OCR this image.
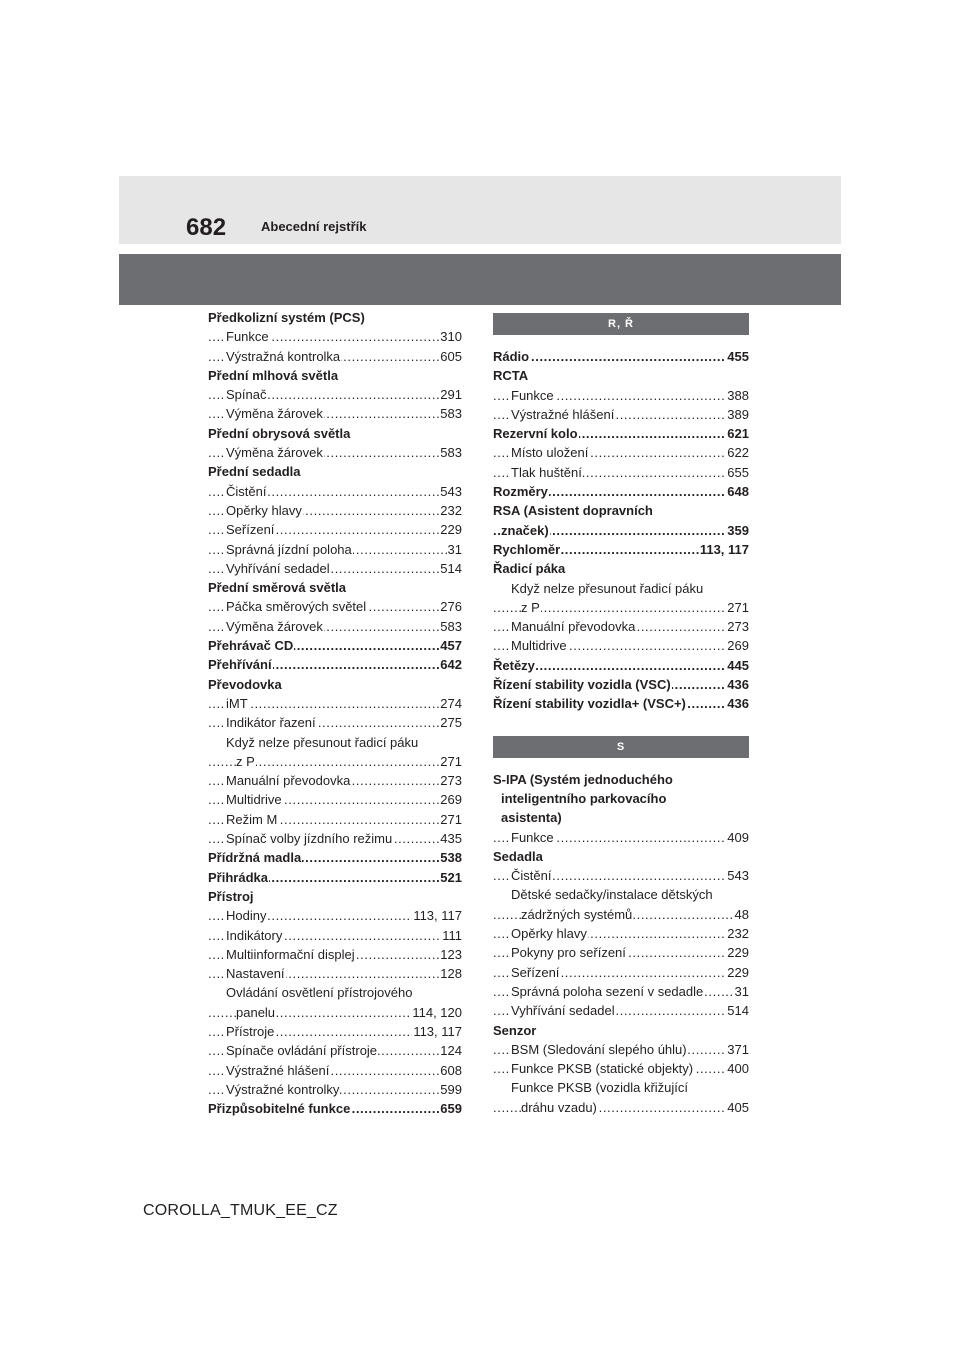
682	Abecední rejstřík
Předkolizní systém (PCS)
. . .
Funkce	310
. . .
Výstražná kontrolka	605
Přední mlhová světla
. . .
Spínač	291
. . .
Výměna žárovek	583
Přední obrysová světla
. . .
Výměna žárovek	583
Přední sedadla
. . .
Čistění	543
. . .
Opěrky hlavy	232
. . .
Seřízení	229
. . .
Správná jízdní poloha	31
. . .
Vyhřívání sedadel	514
Přední směrová světla
. . .
Páčka směrových světel	276
. . .
Výměna žárovek	583
. . .
Přehrávač CD	457
. . .
Přehřívání	642
Převodovka
. . .
iMT	274
. . .
Indikátor řazení	275
Když nelze přesunout řadicí páku
. . .
z P	271
. . .
Manuální převodovka	273
. . .
Multidrive	269
. . .
Režim M	271
. . .
Spínač volby jízdního režimu	435
. . .
Přídržná madla	538
. . .
Přihrádka	521
Přístroj
. . .
Hodiny	113, 117
. . .
Indikátory	111
. . .
Multiinformační displej	123
. . .
Nastavení	128
Ovládání osvětlení přístrojového
. . .
panelu	114, 120
. . .
Přístroje	113, 117
. . .
Spínače ovládání přístroje	124
. . .
Výstražné hlášení	608
. . .
Výstražné kontrolky	599
. . .
Přizpůsobitelné funkce	659
R, Ř
. . .
Rádio	455
RCTA
. . .
Funkce	388
. . .
Výstražné hlášení	389
. . .
Rezervní kolo	621
. . .
Místo uložení	622
. . .
Tlak huštění	655
. . .
Rozměry	648
RSA (Asistent dopravních
. . .
značek)	359
. . .
Rychloměr	113, 117
Řadicí páka
Když nelze přesunout řadicí páku
. . .
z P	271
. . .
Manuální převodovka	273
. . .
Multidrive	269
. . .
Řetězy	445
. . .
Řízení stability vozidla (VSC)	436
. . .
Řízení stability vozidla+ (VSC+)	436
S
S-IPA (Systém jednoduchého
inteligentního parkovacího
asistenta)
. . .
Funkce	409
Sedadla
. . .
Čistění	543
Dětské sedačky/instalace dětských
. . .
zádržných systémů	48
. . .
Opěrky hlavy	232
. . .
Pokyny pro seřízení	229
. . .
Seřízení	229
. . .
Správná poloha sezení v sedadle 31
. . .
Vyhřívání sedadel	514
Senzor
. . .
BSM (Sledování slepého úhlu)	371
. . .
Funkce PKSB (statické objekty)	400
Funkce PKSB (vozidla křižující
. . .
dráhu vzadu)	405
COROLLA_TMUK_EE_CZ
